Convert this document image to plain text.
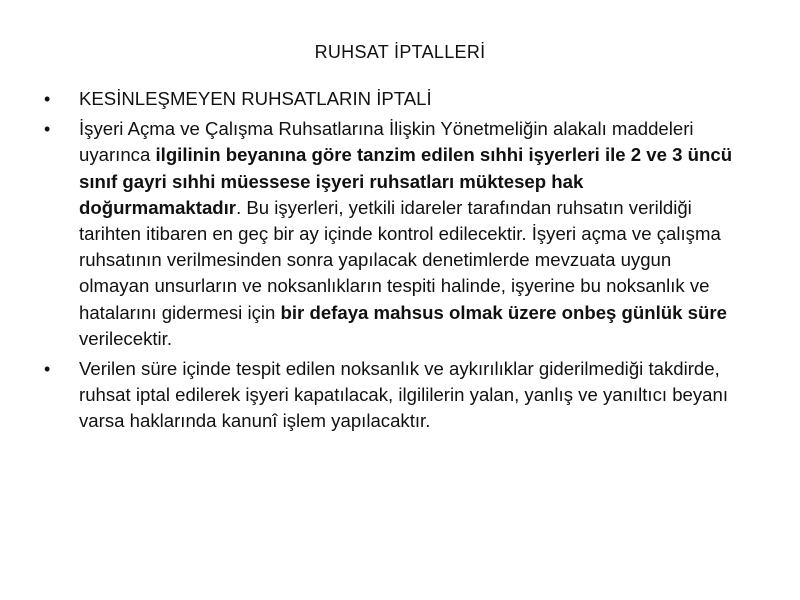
RUHSAT İPTALLERİ
•	KESİNLEŞMEYEN RUHSATLARIN İPTALİ
•	İşyeri Açma ve Çalışma Ruhsatlarına İlişkin Yönetmeliğin alakalı maddeleri uyarınca ilgilinin beyanına göre tanzim edilen sıhhi işyerleri ile 2 ve 3 üncü sınıf gayri sıhhi müessese işyeri ruhsatları müktesep hak doğurmamaktadır. Bu işyerleri, yetkili idareler tarafından ruhsatın verildiği tarihten itibaren en geç bir ay içinde kontrol edilecektir. İşyeri açma ve çalışma ruhsatının verilmesinden sonra yapılacak denetimlerde mevzuata uygun olmayan unsurların ve noksanlıkların tespiti halinde, işyerine bu noksanlık ve hatalarını gidermesi için bir defaya mahsus olmak üzere onbeş günlük süre verilecektir.
•	Verilen süre içinde tespit edilen noksanlık ve aykırılıklar giderilmediği takdirde, ruhsat iptal edilerek işyeri kapatılacak, ilgililerin yalan, yanlış ve yanıltıcı beyanı varsa haklarında kanunî işlem yapılacaktır.
